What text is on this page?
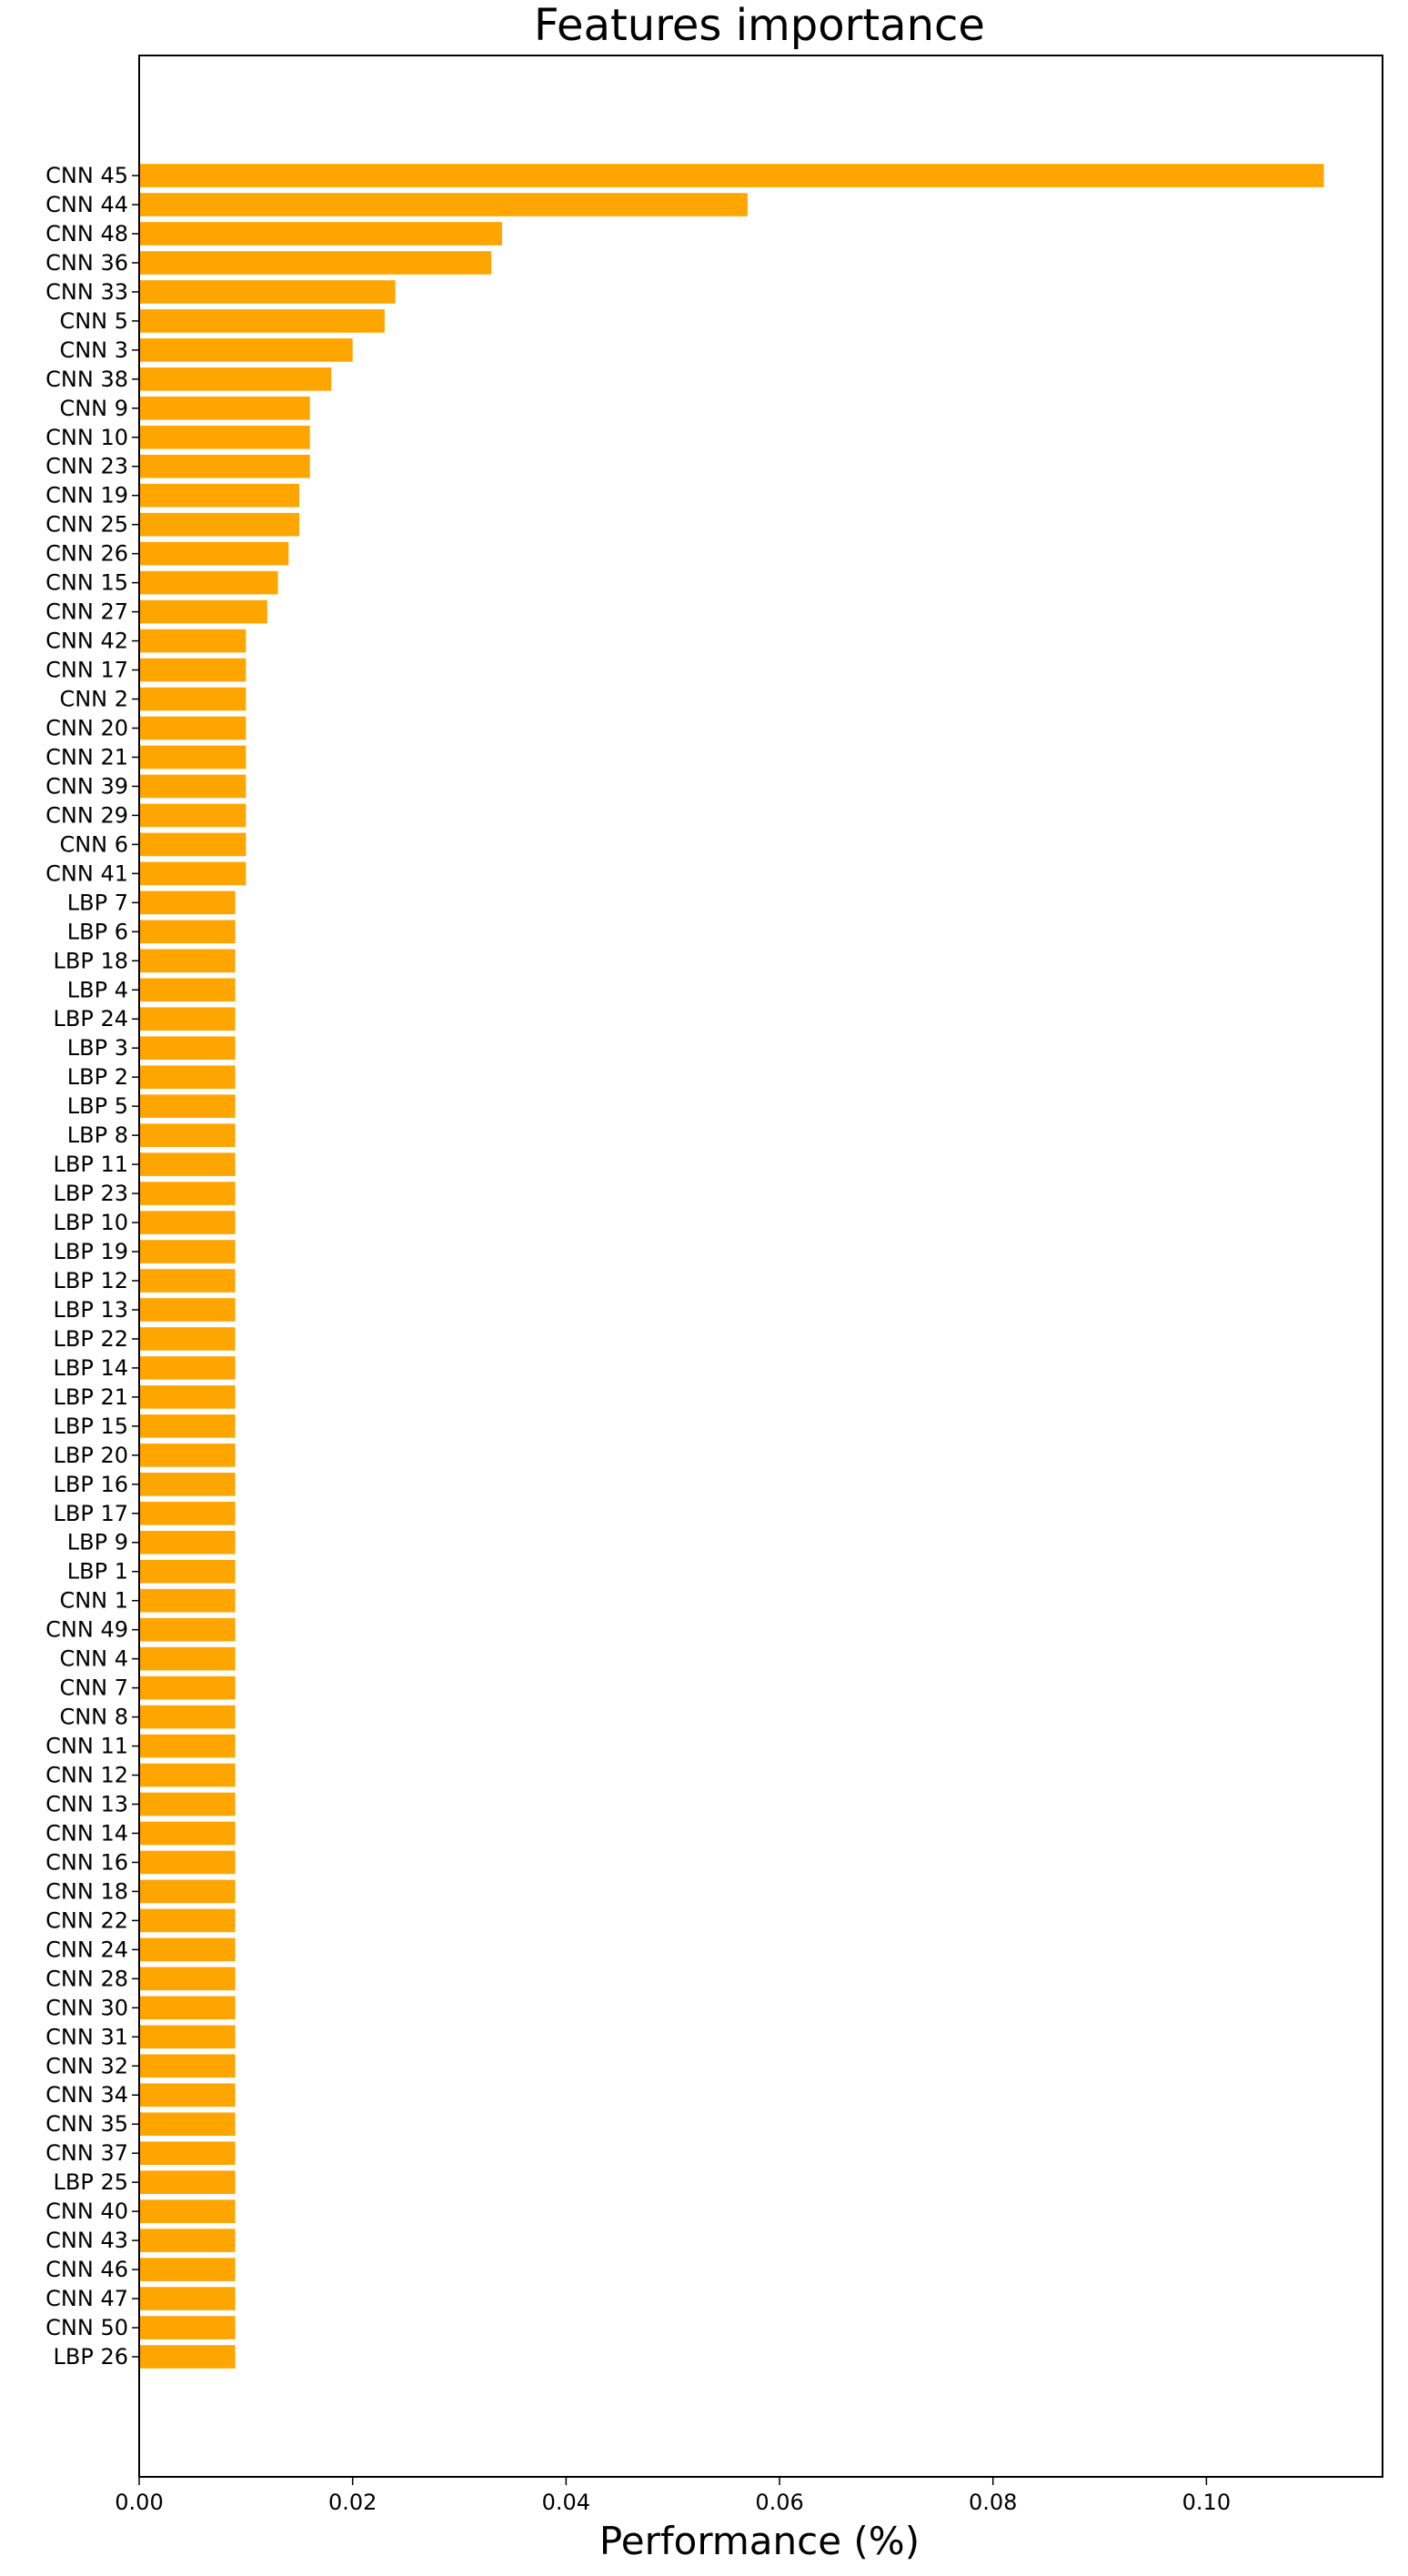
Features importance
CNN 45
CNN 44
CNN 48
CNN 36
CNN 33
CNN 5
CNN 3
CNN 38
CNN 9
CNN 10
CNN 23
CNN 19
CNN 25
CNN 26
CNN 15
CNN 27
CNN 42
CNN 17
CNN 2
CNN 20
CNN 21
CNN 39
CNN 29
CNN 6
CNN 41
LBP 7
LBP 6
LBP 18
LBP 4
LBP 24
LBP 3
LBP 2
LBP 5
LBP 8
LBP 11
LBP 23
LBP 10
LBP 19
LBP 12
LBP 13
LBP 22
LBP 14
LBP 21
LBP 15
LBP 20
LBP 16
LBP 17
LBP 9
LBP 1
CNN 1
CNN 49
CNN 4
CNN 7
CNN 8
CNN 11
CNN 12
CNN 13
CNN 14
CNN 16
CNN 18
CNN 22
CNN 24
CNN 28
CNN 30
CNN 31
CNN 32
CNN 34
CNN 35
CNN 37
LBP 25
CNN 40
CNN 43
CNN 46
CNN 47
CNN 50
LBP 26
0.00	0.02	0.04	0.06	0.08	0.10
Performance (%)
